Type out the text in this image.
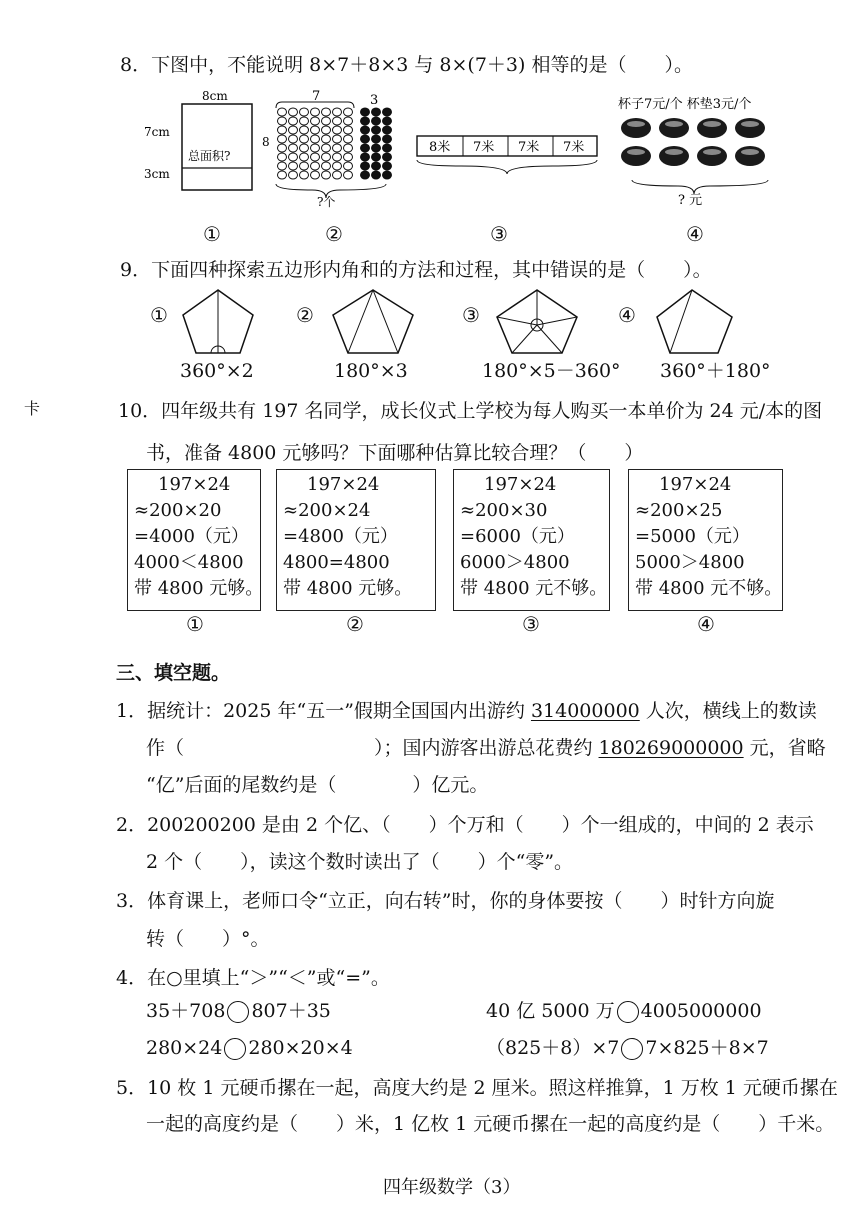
8．下图中，不能说明 8×7＋8×3 与 8×(7＋3) 相等的是（　　）。
8cm
7cm
3cm
总面积?
7	3
8
?个
8米 7米 7米 7米
杯子7元/个 杯垫3元/个
? 元
①	②	③	④
9．下面四种探索五边形内角和的方法和过程，其中错误的是（　　）。
①	②	③	④
360°×2	180°×3	180°×5－360° 360°＋180°
卡	10．四年级共有 197 名同学，成长仪式上学校为每人购买一本单价为 24 元/本的图
书，准备 4800 元够吗？下面哪种估算比较合理？（　　）
197×24
≈200×20
=4000（元）
4000＜4800
带 4800 元够。
197×24
≈200×24
=4800（元）
4800=4800
带 4800 元够。
197×24
≈200×30
=6000（元）
6000＞4800
带 4800 元不够。
197×24
≈200×25
=5000（元）
5000＞4800
带 4800 元不够。
①	②	③	④
三、填空题。
1．据统计：2025 年“五一”假期全国国内出游约 314000000 人次，横线上的数读
作（　　　　　　　　　　）；国内游客出游总花费约 180269000000 元，省略
“亿”后面的尾数约是（　　　　）亿元。
2．200200200 是由 2 个亿、（　　）个万和（　　）个一组成的，中间的 2 表示
2 个（　　），读这个数时读出了（　　）个“零”。
3．体育课上，老师口令“立正，向右转”时，你的身体要按（　　）时针方向旋
转（　　）°。
4．在○里填上“＞”“＜”或“=”。
35＋708 807＋35	40 亿 5000 万 4005000000
280×24 280×20×4	（825＋8）×7 7×825＋8×7
5．10 枚 1 元硬币摞在一起，高度大约是 2 厘米。照这样推算，1 万枚 1 元硬币摞在
一起的高度约是（　　）米，1 亿枚 1 元硬币摞在一起的高度约是（　　）千米。
四年级数学（3）
